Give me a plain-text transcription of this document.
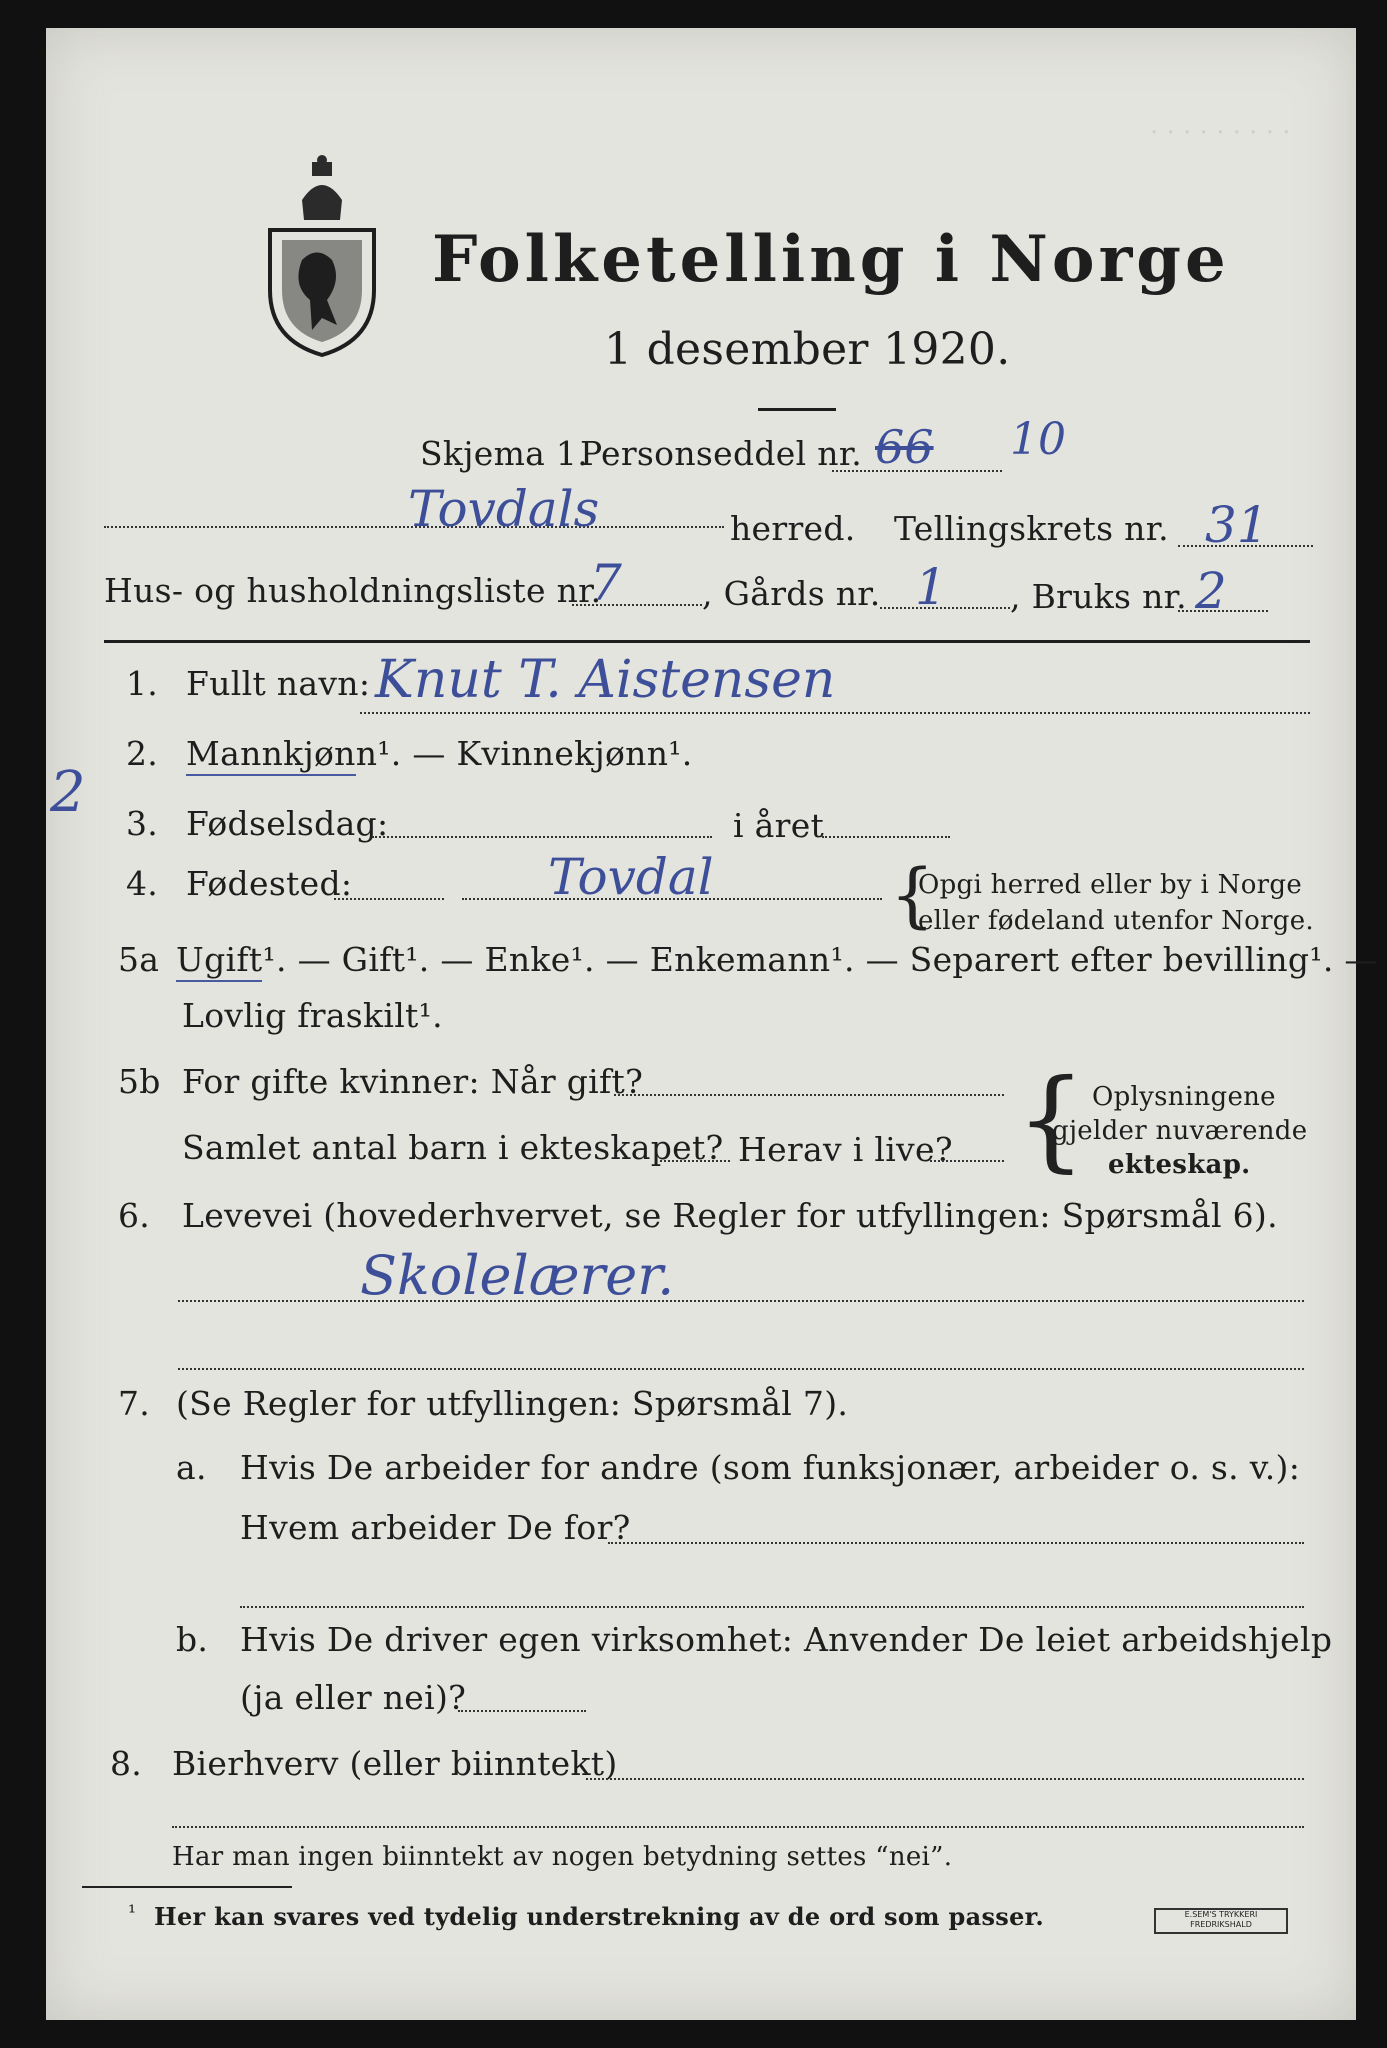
. . . . . . . . .
Folketelling i Norge
1 desember 1920.
Skjema 1.
Personseddel nr. 66 10
Tovdals	herred. Tellingskrets nr. 31
Hus- og husholdningsliste nr.
7 , Gårds nr. 1 , Bruks nr. 2
1. Fullt navn: Knut T. Aistensen
2
2. Mannkjønn¹. — Kvinnekjønn¹.
3. Fødselsdag:	i året
4. Fødested:	Tovdal	{
Opgi herred eller by i Norge
eller fødeland utenfor Norge.
5a Ugift¹. — Gift¹. — Enke¹. — Enkemann¹. — Separert efter bevilling¹. —
Lovlig fraskilt¹.
5b For gifte kvinner: Når gift?
Samlet antal barn i ekteskapet? Herav i live? { Oplysningene
gjelder nuværende
ekteskap.
6. Levevei (hovederhvervet, se Regler for utfyllingen: Spørsmål 6).
Skolelærer.
7. (Se Regler for utfyllingen: Spørsmål 7).
a. Hvis De arbeider for andre (som funksjonær, arbeider o. s. v.):
Hvem arbeider De for?
b. Hvis De driver egen virksomhet: Anvender De leiet arbeidshjelp
(ja eller nei)?
8. Bierhverv (eller biinntekt)
Har man ingen biinntekt av nogen betydning settes “nei”.
¹ Her kan svares ved tydelig understrekning av de ord som passer.	E.SEM'S TRYKKERI FREDRIKSHALD
